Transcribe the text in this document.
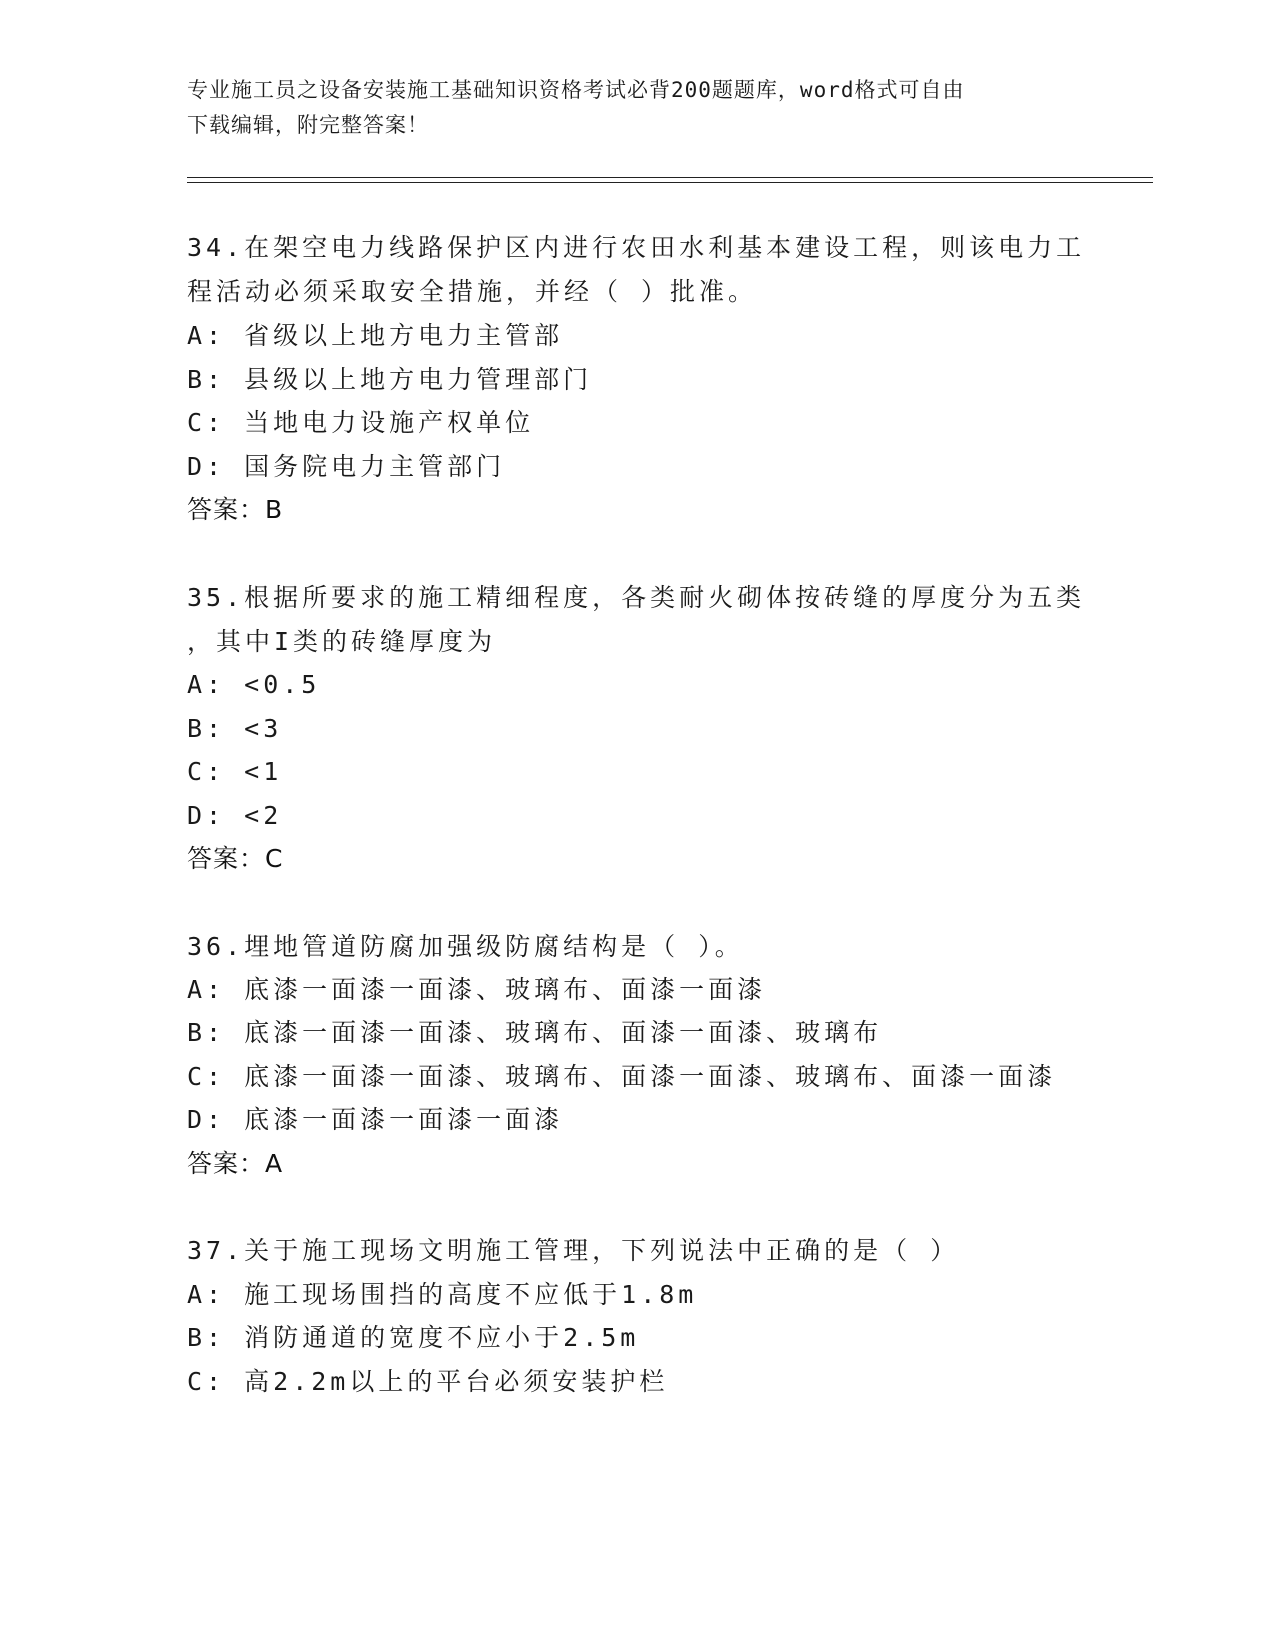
专业施工员之设备安装施工基础知识资格考试必背200题题库，word格式可自由
下载编辑，附完整答案！
34.在架空电力线路保护区内进行农田水利基本建设工程，则该电力工
程活动必须采取安全措施，并经（ ）批准。
A: 省级以上地方电力主管部
B: 县级以上地方电力管理部门
C: 当地电力设施产权单位
D: 国务院电力主管部门
答案：B
35.根据所要求的施工精细程度，各类耐火砌体按砖缝的厚度分为五类
，其中I类的砖缝厚度为
A: <0.5
B: <3
C: <1
D: <2
答案：C
36.埋地管道防腐加强级防腐结构是（ ）。
A: 底漆一面漆一面漆、玻璃布、面漆一面漆
B: 底漆一面漆一面漆、玻璃布、面漆一面漆、玻璃布
C: 底漆一面漆一面漆、玻璃布、面漆一面漆、玻璃布、面漆一面漆
D: 底漆一面漆一面漆一面漆
答案：A
37.关于施工现场文明施工管理，下列说法中正确的是（ ）
A: 施工现场围挡的高度不应低于1.8m
B: 消防通道的宽度不应小于2.5m
C: 高2.2m以上的平台必须安装护栏
